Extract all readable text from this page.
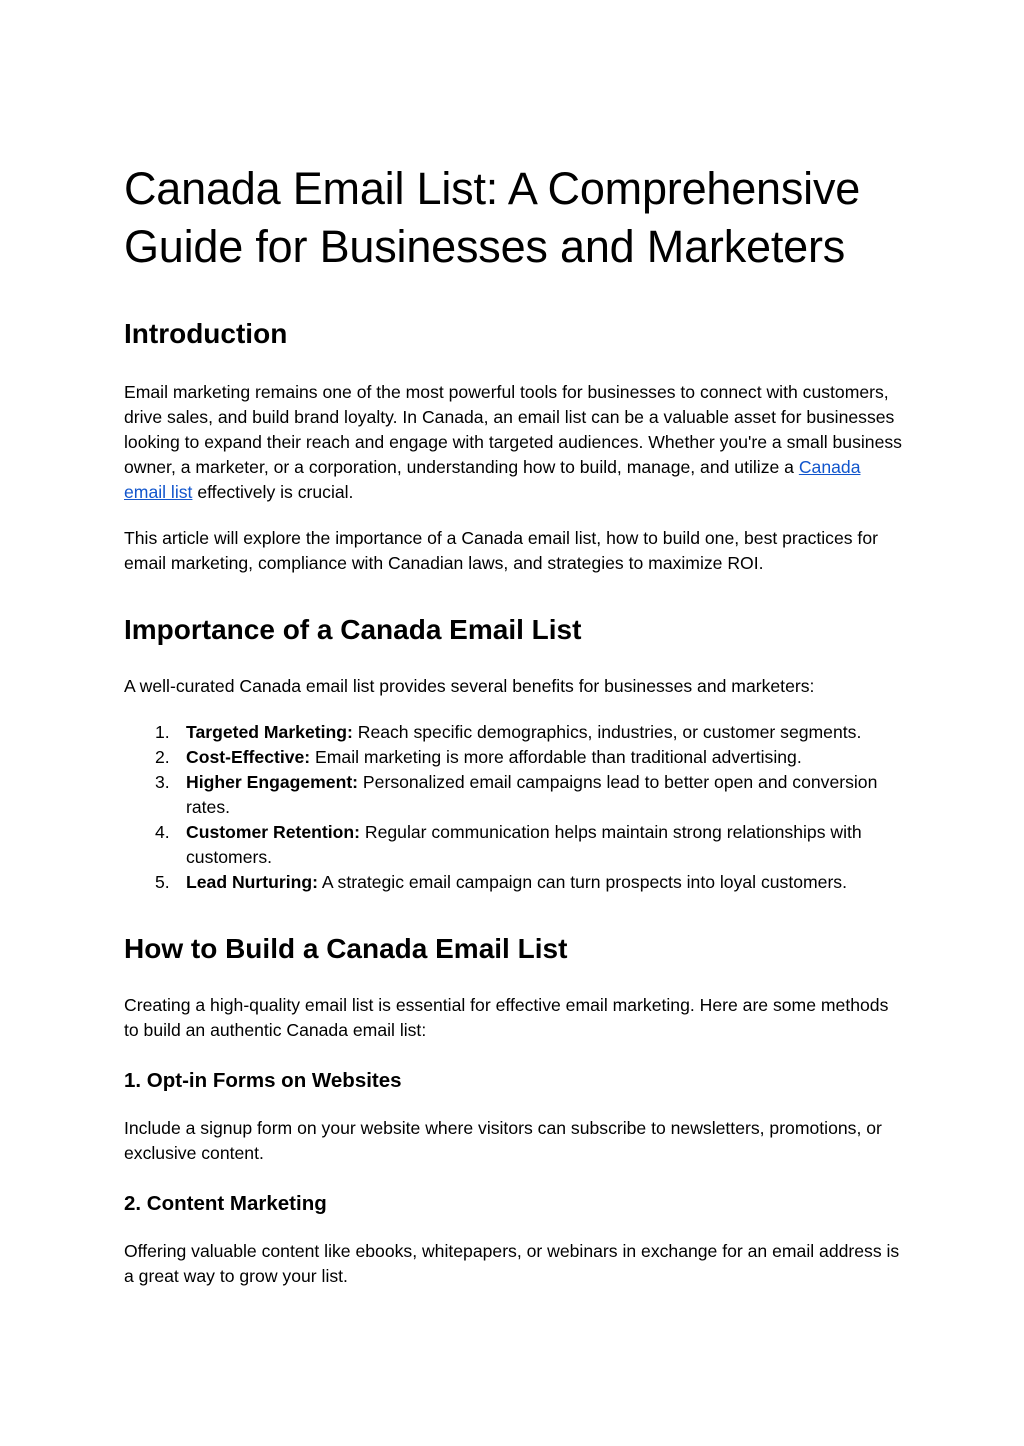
Canada Email List: A Comprehensive Guide for Businesses and Marketers
Introduction

Email marketing remains one of the most powerful tools for businesses to connect with customers, drive sales, and build brand loyalty. In Canada, an email list can be a valuable asset for businesses looking to expand their reach and engage with targeted audiences. Whether you're a small business owner, a marketer, or a corporation, understanding how to build, manage, and utilize a Canada email list effectively is crucial.

This article will explore the importance of a Canada email list, how to build one, best practices for email marketing, compliance with Canadian laws, and strategies to maximize ROI.

Importance of a Canada Email List

A well-curated Canada email list provides several benefits for businesses and marketers:

1. Targeted Marketing: Reach specific demographics, industries, or customer segments.
2. Cost-Effective: Email marketing is more affordable than traditional advertising.
3. Higher Engagement: Personalized email campaigns lead to better open and conversion rates.
4. Customer Retention: Regular communication helps maintain strong relationships with customers.
5. Lead Nurturing: A strategic email campaign can turn prospects into loyal customers.
How to Build a Canada Email List

Creating a high-quality email list is essential for effective email marketing. Here are some methods to build an authentic Canada email list:

1. Opt-in Forms on Websites

Include a signup form on your website where visitors can subscribe to newsletters, promotions, or exclusive content.

2. Content Marketing

Offering valuable content like ebooks, whitepapers, or webinars in exchange for an email address is a great way to grow your list.
